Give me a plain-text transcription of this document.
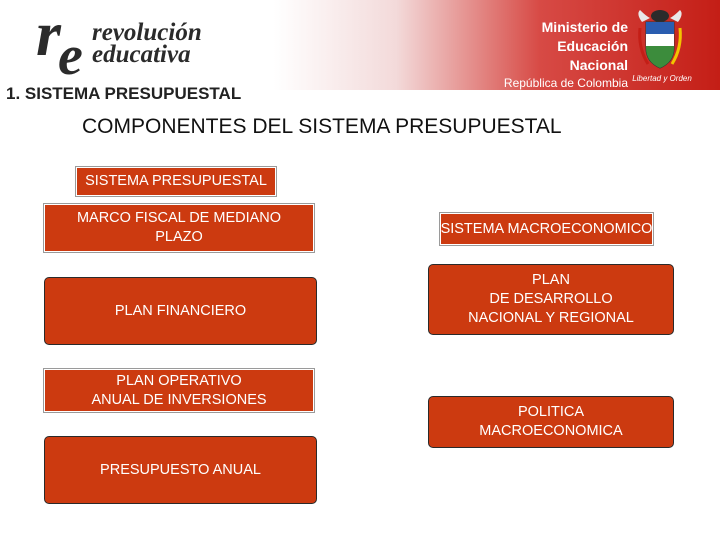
r
e revolución
educativa
Ministerio de
Educación Nacional
República de Colombia Libertad y Orden
1. SISTEMA PRESUPUESTAL
COMPONENTES DEL SISTEMA PRESUPUESTAL
SISTEMA PRESUPUESTAL
MARCO FISCAL DE MEDIANO
PLAZO
PLAN FINANCIERO
PLAN OPERATIVO
ANUAL DE INVERSIONES
PRESUPUESTO ANUAL
SISTEMA MACROECONOMICO
PLAN
DE DESARROLLO
NACIONAL Y REGIONAL
POLITICA
MACROECONOMICA
